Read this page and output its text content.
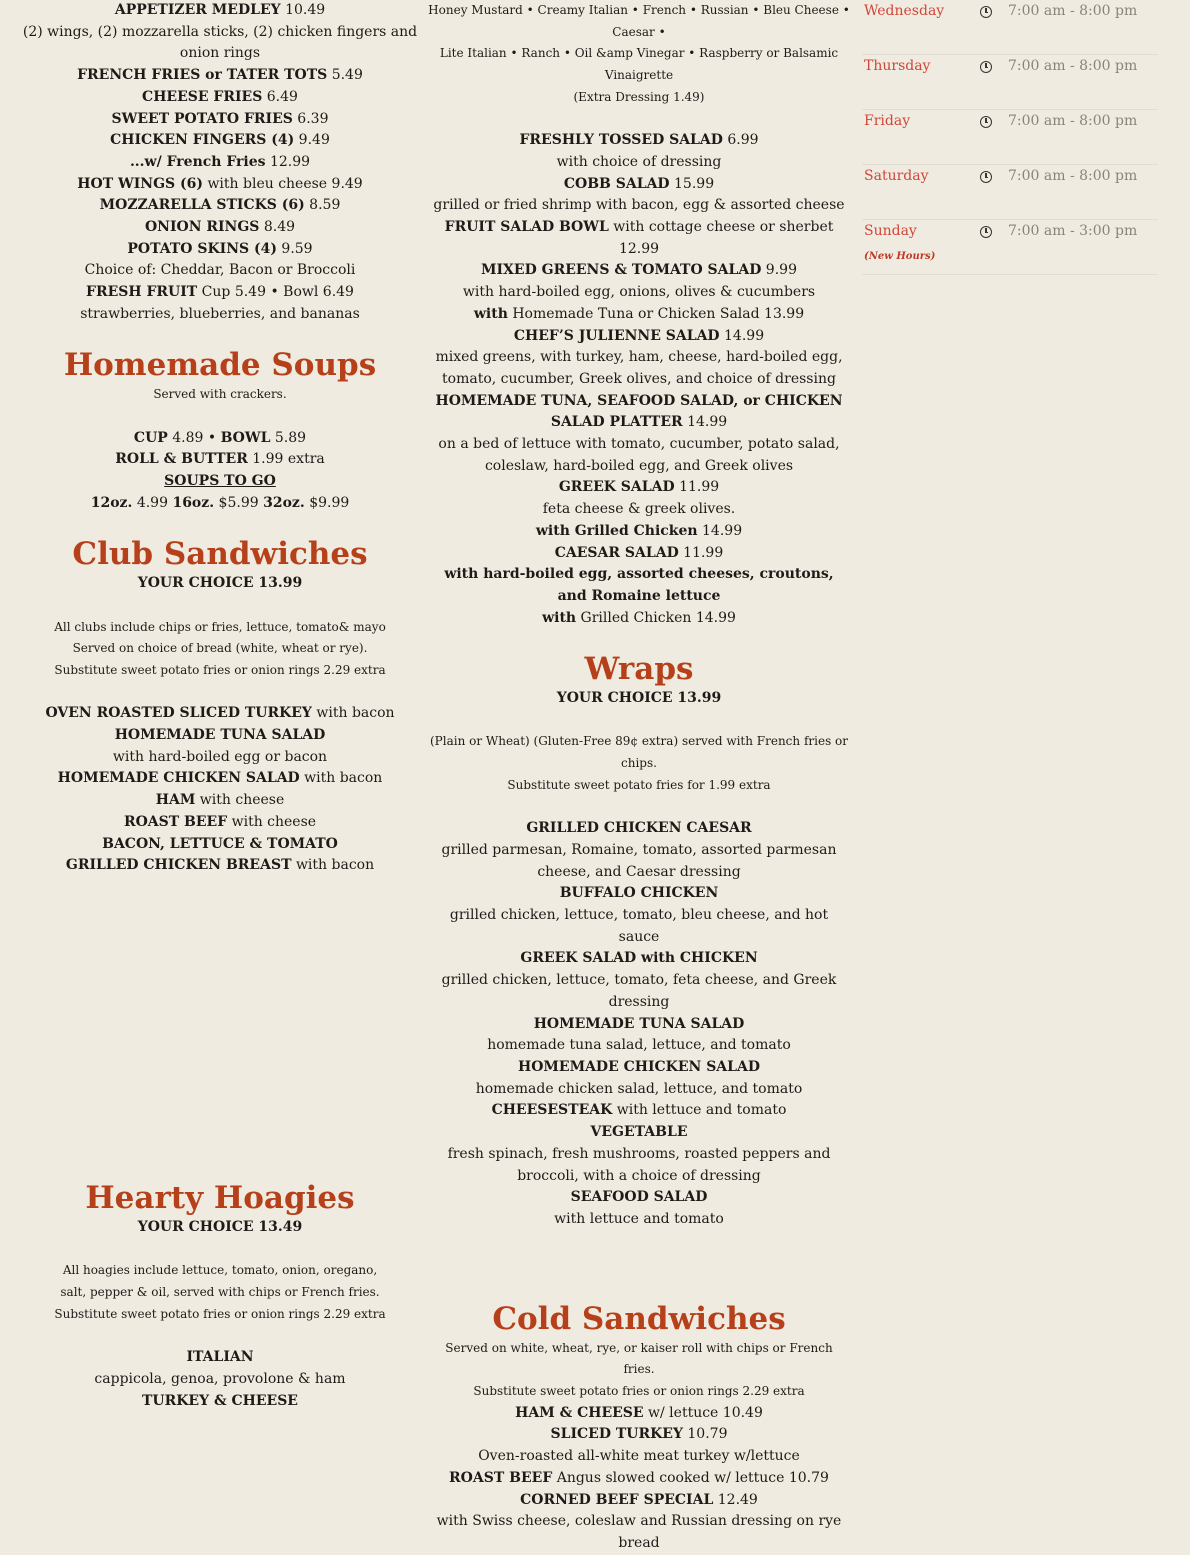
APPETIZER MEDLEY 10.49

(2) wings, (2) mozzarella sticks, (2) chicken fingers and onion rings

FRENCH FRIES or TATER TOTS 5.49

CHEESE FRIES 6.49

SWEET POTATO FRIES 6.39

CHICKEN FINGERS (4) 9.49

...w/ French Fries 12.99

HOT WINGS (6) with bleu cheese 9.49

MOZZARELLA STICKS (6) 8.59

ONION RINGS 8.49

POTATO SKINS (4) 9.59

Choice of: Cheddar, Bacon or Broccoli

FRESH FRUIT Cup 5.49 • Bowl 6.49

strawberries, blueberries, and bananas

Homemade Soups

Served with crackers.

CUP 4.89 • BOWL 5.89

ROLL & BUTTER 1.99 extra

SOUPS TO GO

12oz. 4.99 16oz. $5.99 32oz. $9.99

Club Sandwiches

YOUR CHOICE 13.99

All clubs include chips or fries, lettuce, tomato& mayo

Served on choice of bread (white, wheat or rye).

Substitute sweet potato fries or onion rings 2.29 extra

OVEN ROASTED SLICED TURKEY with bacon

HOMEMADE TUNA SALAD

with hard-boiled egg or bacon

HOMEMADE CHICKEN SALAD with bacon

HAM with cheese

ROAST BEEF with cheese

BACON, LETTUCE & TOMATO

GRILLED CHICKEN BREAST with bacon

Hearty Hoagies

YOUR CHOICE 13.49

All hoagies include lettuce, tomato, onion, oregano,

salt, pepper & oil, served with chips or French fries.

Substitute sweet potato fries or onion rings 2.29 extra

ITALIAN

cappicola, genoa, provolone & ham

TURKEY & CHEESE

Honey Mustard • Creamy Italian • French • Russian • Bleu Cheese • Caesar •

Lite Italian • Ranch • Oil &amp Vinegar • Raspberry or Balsamic Vinaigrette

(Extra Dressing 1.49)

FRESHLY TOSSED SALAD 6.99

with choice of dressing

COBB SALAD 15.99

grilled or fried shrimp with bacon, egg & assorted cheese

FRUIT SALAD BOWL with cottage cheese or sherbet 12.99

MIXED GREENS & TOMATO SALAD 9.99

with hard-boiled egg, onions, olives & cucumbers

with Homemade Tuna or Chicken Salad 13.99

CHEF’S JULIENNE SALAD 14.99

mixed greens, with turkey, ham, cheese, hard-boiled egg, tomato, cucumber, Greek olives, and choice of dressing

HOMEMADE TUNA, SEAFOOD SALAD, or CHICKEN SALAD PLATTER 14.99

on a bed of lettuce with tomato, cucumber, potato salad, coleslaw, hard-boiled egg, and Greek olives

GREEK SALAD 11.99

feta cheese & greek olives.

with Grilled Chicken 14.99

CAESAR SALAD 11.99

with hard-boiled egg, assorted cheeses, croutons, and Romaine lettuce

with Grilled Chicken 14.99

Wraps

YOUR CHOICE 13.99

(Plain or Wheat) (Gluten-Free 89¢ extra) served with French fries or chips.

Substitute sweet potato fries for 1.99 extra

GRILLED CHICKEN CAESAR

grilled parmesan, Romaine, tomato, assorted parmesan cheese, and Caesar dressing

BUFFALO CHICKEN

grilled chicken, lettuce, tomato, bleu cheese, and hot sauce

GREEK SALAD with CHICKEN

grilled chicken, lettuce, tomato, feta cheese, and Greek dressing

HOMEMADE TUNA SALAD

homemade tuna salad, lettuce, and tomato

HOMEMADE CHICKEN SALAD

homemade chicken salad, lettuce, and tomato

CHEESESTEAK with lettuce and tomato

VEGETABLE

fresh spinach, fresh mushrooms, roasted peppers and broccoli, with a choice of dressing

SEAFOOD SALAD

with lettuce and tomato

Cold Sandwiches

Served on white, wheat, rye, or kaiser roll with chips or French fries.

Substitute sweet potato fries or onion rings 2.29 extra

HAM & CHEESE w/ lettuce 10.49

SLICED TURKEY 10.79

Oven-roasted all-white meat turkey w/lettuce

ROAST BEEF Angus slowed cooked w/ lettuce 10.79

CORNED BEEF SPECIAL 12.49

with Swiss cheese, coleslaw and Russian dressing on rye bread

Wednesday	7:00 am - 8:00 pm
Thursday	7:00 am - 8:00 pm
Friday	7:00 am - 8:00 pm
Saturday	7:00 am - 8:00 pm
Sunday	7:00 am - 3:00 pm
(New Hours)
